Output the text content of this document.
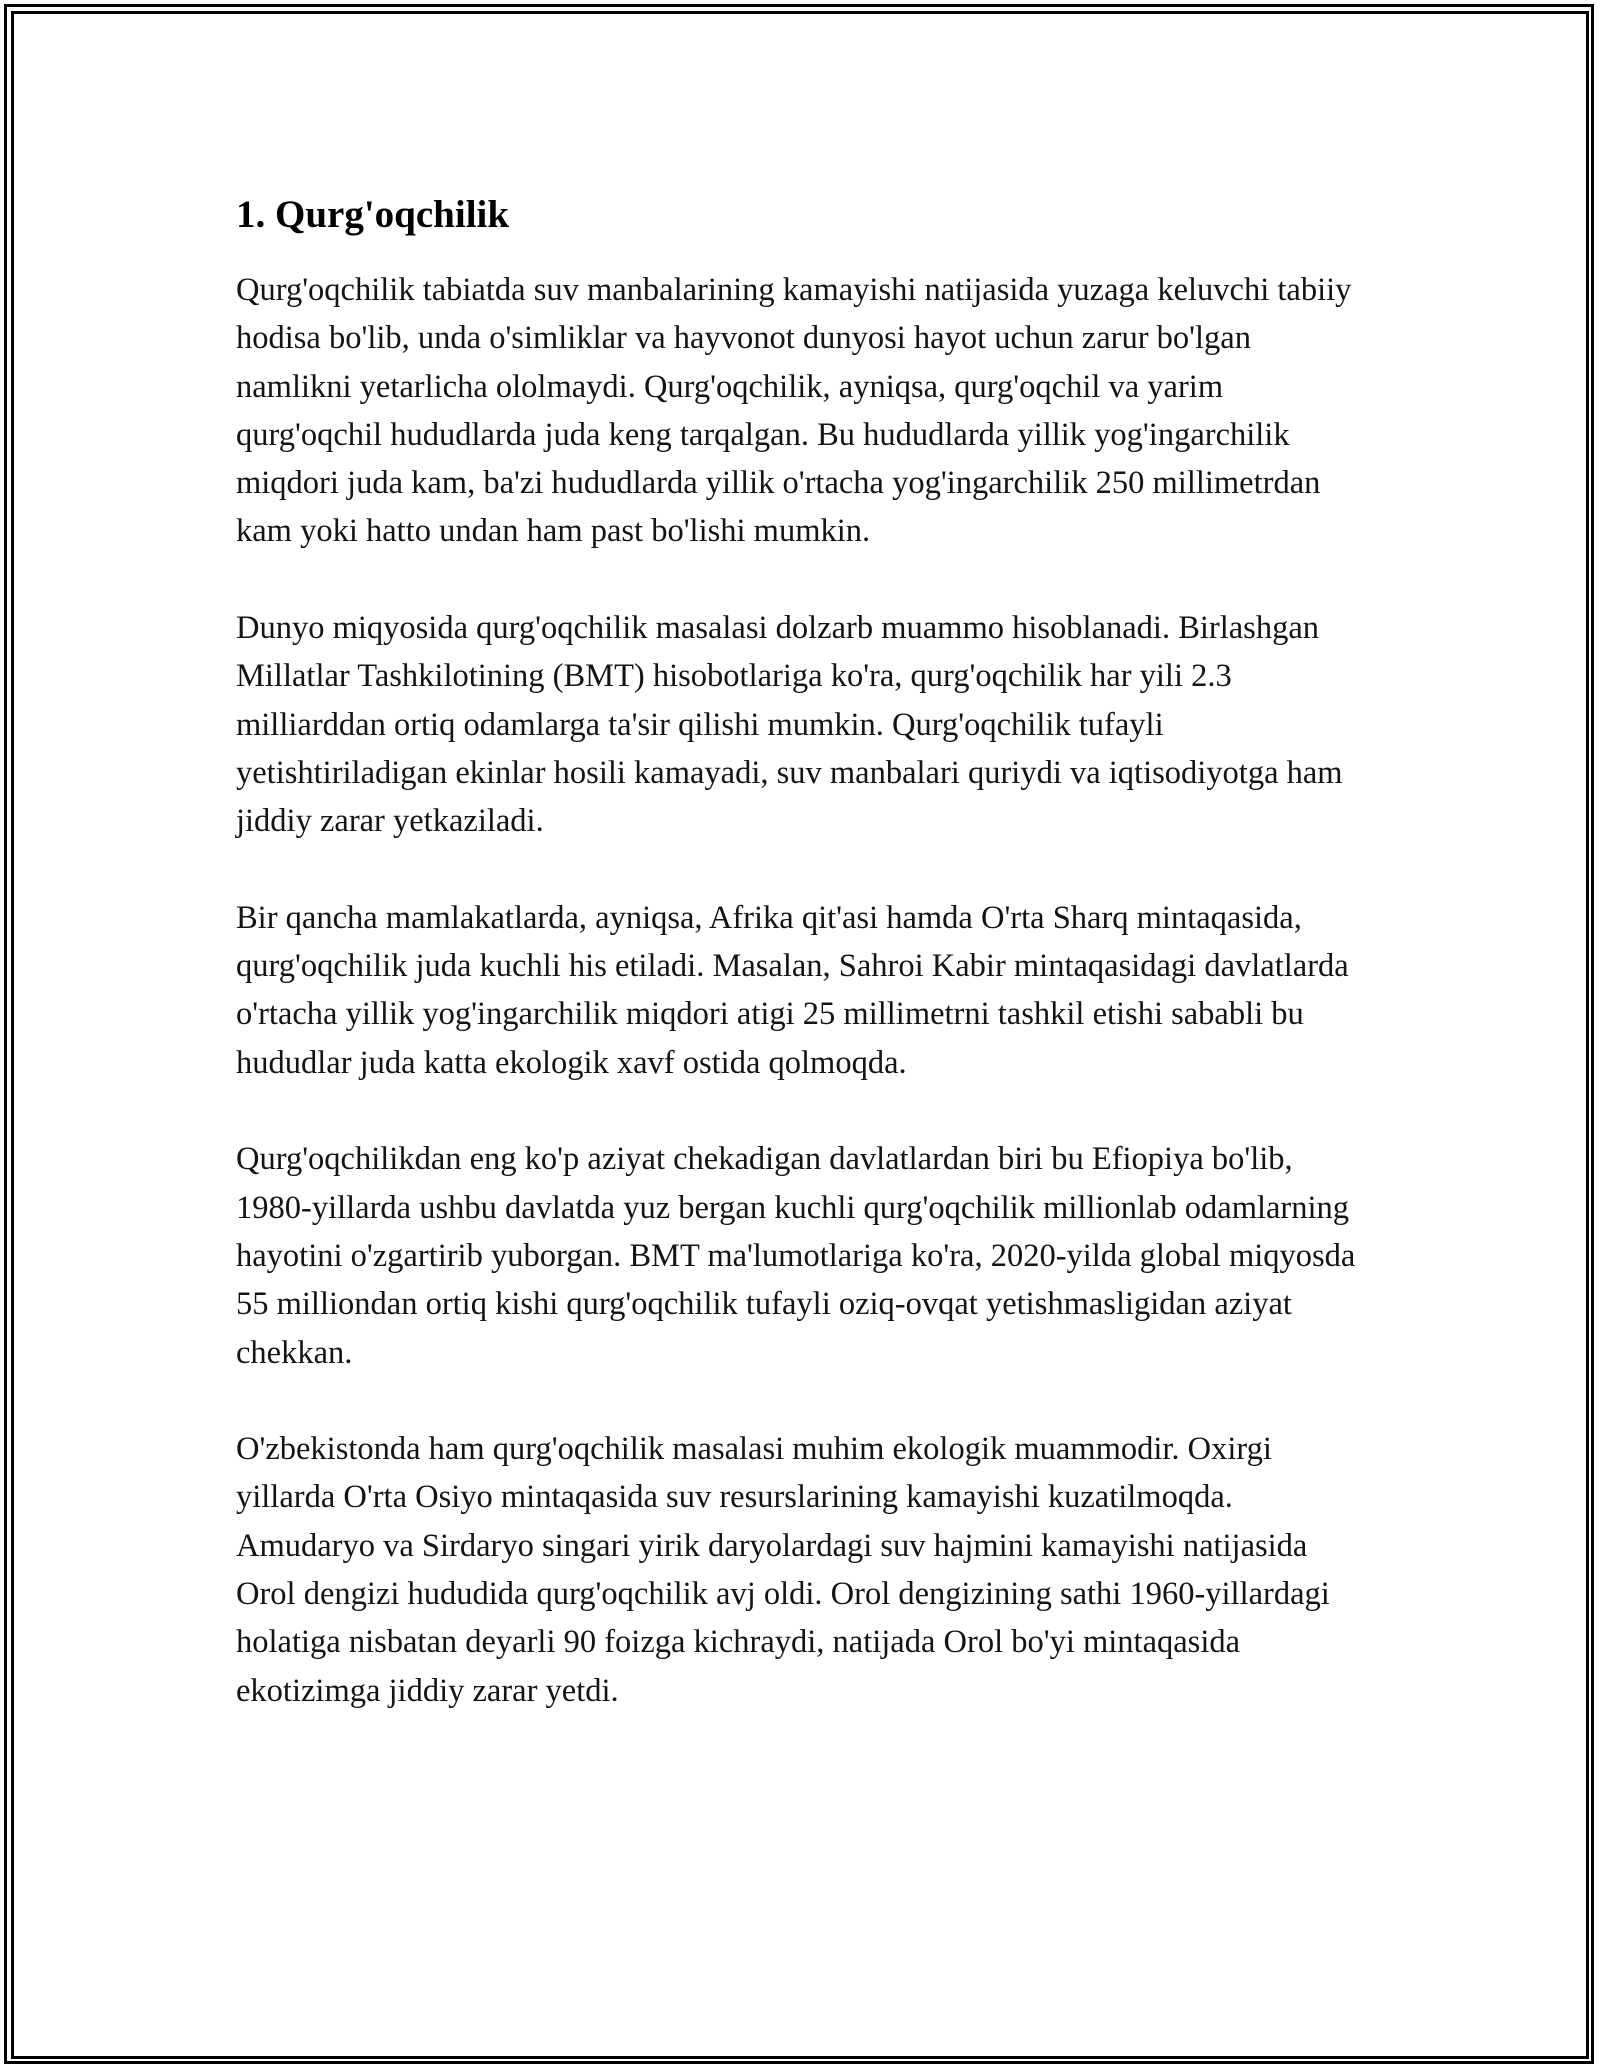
1. Qurg'oqchilik

Qurg'oqchilik tabiatda suv manbalarining kamayishi natijasida yuzaga keluvchi tabiiy hodisa bo'lib, unda o'simliklar va hayvonot dunyosi hayot uchun zarur bo'lgan namlikni yetarlicha ololmaydi. Qurg'oqchilik, ayniqsa, qurg'oqchil va yarim qurg'oqchil hududlarda juda keng tarqalgan. Bu hududlarda yillik yog'ingarchilik miqdori juda kam, ba'zi hududlarda yillik o'rtacha yog'ingarchilik 250 millimetrdan kam yoki hatto undan ham past bo'lishi mumkin.

Dunyo miqyosida qurg'oqchilik masalasi dolzarb muammo hisoblanadi. Birlashgan Millatlar Tashkilotining (BMT) hisobotlariga ko'ra, qurg'oqchilik har yili 2.3 milliarddan ortiq odamlarga ta'sir qilishi mumkin. Qurg'oqchilik tufayli yetishtiriladigan ekinlar hosili kamayadi, suv manbalari quriydi va iqtisodiyotga ham jiddiy zarar yetkaziladi.

Bir qancha mamlakatlarda, ayniqsa, Afrika qit'asi hamda O'rta Sharq mintaqasida, qurg'oqchilik juda kuchli his etiladi. Masalan, Sahroi Kabir mintaqasidagi davlatlarda o'rtacha yillik yog'ingarchilik miqdori atigi 25 millimetrni tashkil etishi sababli bu hududlar juda katta ekologik xavf ostida qolmoqda.

Qurg'oqchilikdan eng ko'p aziyat chekadigan davlatlardan biri bu Efiopiya bo'lib, 1980-yillarda ushbu davlatda yuz bergan kuchli qurg'oqchilik millionlab odamlarning hayotini o'zgartirib yuborgan. BMT ma'lumotlariga ko'ra, 2020-yilda global miqyosda 55 milliondan ortiq kishi qurg'oqchilik tufayli oziq-ovqat yetishmasligidan aziyat chekkan.

O'zbekistonda ham qurg'oqchilik masalasi muhim ekologik muammodir. Oxirgi yillarda O'rta Osiyo mintaqasida suv resurslarining kamayishi kuzatilmoqda. Amudaryo va Sirdaryo singari yirik daryolardagi suv hajmini kamayishi natijasida Orol dengizi hududida qurg'oqchilik avj oldi. Orol dengizining sathi 1960-yillardagi holatiga nisbatan deyarli 90 foizga kichraydi, natijada Orol bo'yi mintaqasida ekotizimga jiddiy zarar yetdi.
